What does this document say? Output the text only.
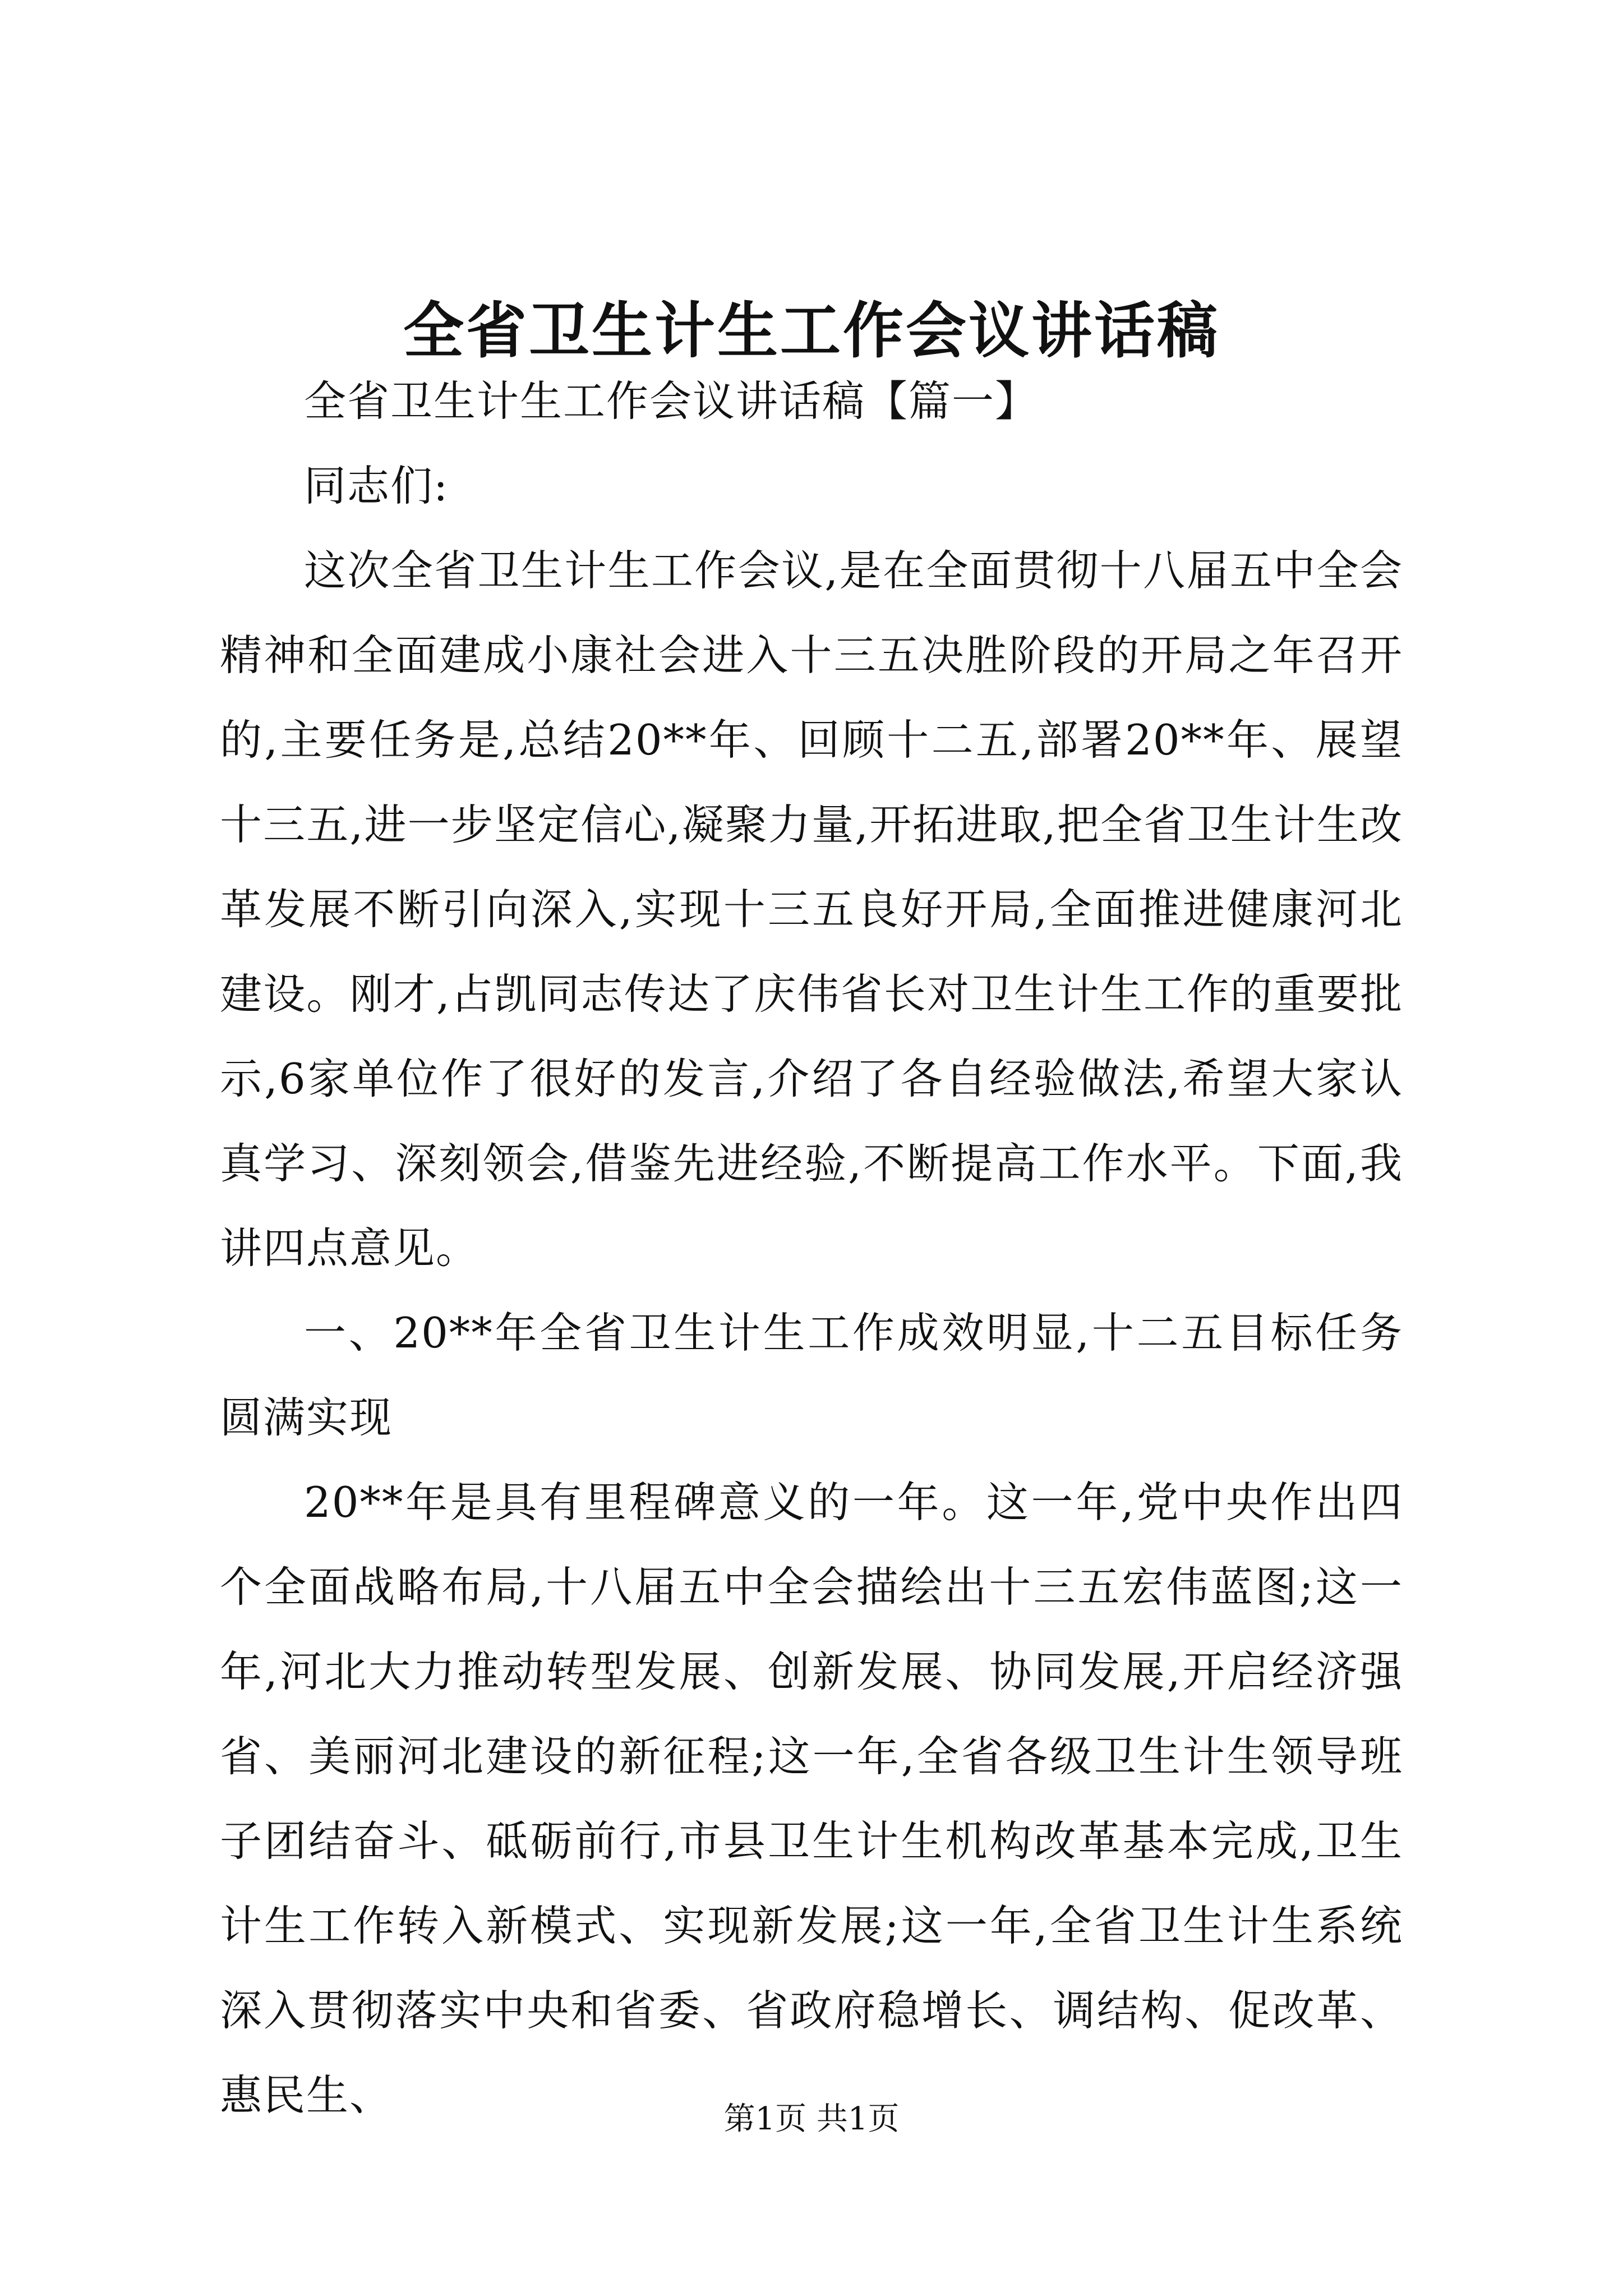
全省卫生计生工作会议讲话稿

全省卫生计生工作会议讲话稿【篇一】

同志们:

这次全省卫生计生工作会议,是在全面贯彻十八届五中全会精神和全面建成小康社会进入十三五决胜阶段的开局之年召开的,主要任务是,总结20**年、回顾十二五,部署20**年、展望十三五,进一步坚定信心,凝聚力量,开拓进取,把全省卫生计生改革发展不断引向深入,实现十三五良好开局,全面推进健康河北建设。刚才,占凯同志传达了庆伟省长对卫生计生工作的重要批示,6家单位作了很好的发言,介绍了各自经验做法,希望大家认真学习、深刻领会,借鉴先进经验,不断提高工作水平。下面,我讲四点意见。

一、20**年全省卫生计生工作成效明显,十二五目标任务圆满实现

20**年是具有里程碑意义的一年。这一年,党中央作出四个全面战略布局,十八届五中全会描绘出十三五宏伟蓝图;这一年,河北大力推动转型发展、创新发展、协同发展,开启经济强省、美丽河北建设的新征程;这一年,全省各级卫生计生领导班子团结奋斗、砥砺前行,市县卫生计生机构改革基本完成,卫生计生工作转入新模式、实现新发展;这一年,全省卫生计生系统深入贯彻落实中央和省委、省政府稳增长、调结构、促改革、惠民生、	第1页 共1页
